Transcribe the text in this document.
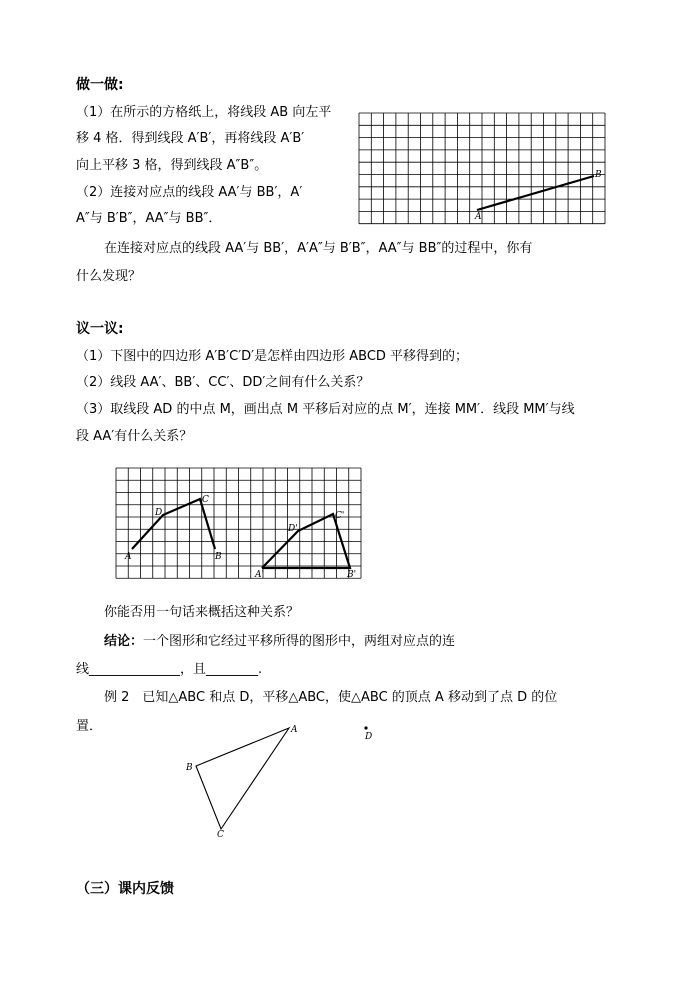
做一做:
（1）在所示的方格纸上，将线段 AB 向左平
移 4 格．得到线段 A′B′，再将线段 A′B′
向上平移 3 格，得到线段 A″B″。
（2）连接对应点的线段 AA′与 BB′，A′
A″与 B′B″，AA″与 BB″．
在连接对应点的线段 AA′与 BB′，A′A″与 B′B″，AA″与 BB″的过程中，你有
什么发现？
A
B
议一议:
（1）下图中的四边形 A′B′C′D′是怎样由四边形 ABCD 平移得到的；
（2）线段 AA′、BB′、CC′、DD′之间有什么关系？
（3）取线段 AD 的中点 M，画出点 M 平移后对应的点 M′，连接 MM′．线段 MM′与线
段 AA′有什么关系？
A	B
C
D
A'	B'
C'
D'
你能否用一句话来概括这种关系？
结论：一个图形和它经过平移所得的图形中，两组对应点的连
线______________，且________.
例 2　已知△ABC 和点 D，平移△ABC，使△ABC 的顶点 A 移动到了点 D 的位
置．	A
B
C
D
（三）课内反馈
